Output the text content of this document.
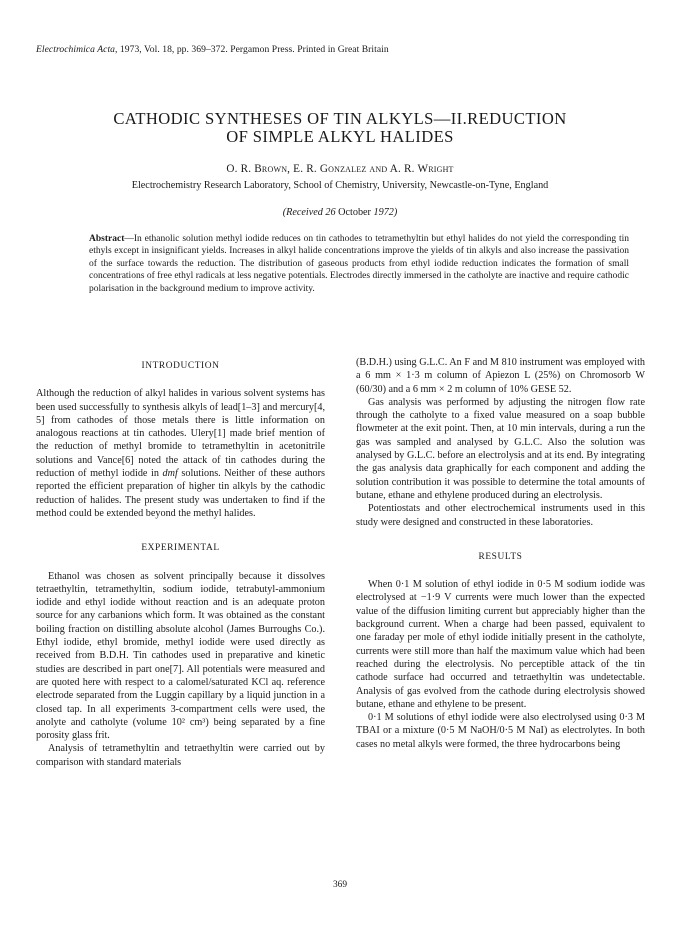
Electrochimica Acta, 1973, Vol. 18, pp. 369–372. Pergamon Press. Printed in Great Britain
CATHODIC SYNTHESES OF TIN ALKYLS—II.REDUCTION
OF SIMPLE ALKYL HALIDES
O. R. Brown, E. R. Gonzalez and A. R. Wright
Electrochemistry Research Laboratory, School of Chemistry, University, Newcastle-on-Tyne, England
(Received 26 October 1972)
Abstract—In ethanolic solution methyl iodide reduces on tin cathodes to tetramethyltin but ethyl halides do not yield the corresponding tin ethyls except in insignificant yields. Increases in alkyl halide concentrations improve the yields of tin alkyls and also increase the passivation of the surface towards the reduction. The distribution of gaseous products from ethyl iodide reduction indicates the formation of small concentrations of free ethyl radicals at less negative potentials. Electrodes directly immersed in the catholyte are inactive and require cathodic polarisation in the background medium to improve activity.
INTRODUCTION

Although the reduction of alkyl halides in various solvent systems has been used successfully to synthesis alkyls of lead[1–3] and mercury[4, 5] from cathodes of those metals there is little information on analogous reactions at tin cathodes. Ulery[1] made brief mention of the reduction of methyl bromide to tetramethyltin in acetonitrile solutions and Vance[6] noted the attack of tin cathodes during the reduction of methyl iodide in dmf solutions. Neither of these authors reported the efficient preparation of higher tin alkyls by the cathodic reduction of halides. The present study was undertaken to find if the method could be extended beyond the methyl halides.

EXPERIMENTAL

Ethanol was chosen as solvent principally because it dissolves tetraethyltin, tetramethyltin, sodium iodide, tetrabutyl-ammonium iodide and ethyl iodide without reaction and is an adequate proton source for any carbanions which form. It was obtained as the constant boiling fraction on distilling absolute alcohol (James Burroughs Co.). Ethyl iodide, ethyl bromide, methyl iodide were used directly as received from B.D.H. Tin cathodes used in preparative and kinetic studies are described in part one[7]. All potentials were measured and are quoted here with respect to a calomel/saturated KCl aq. reference electrode separated from the Luggin capillary by a liquid junction in a closed tap. In all experiments 3-compartment cells were used, the anolyte and catholyte (volume 10² cm³) being separated by a fine porosity glass frit.

Analysis of tetramethyltin and tetraethyltin were carried out by comparison with standard materials

(B.D.H.) using G.L.C. An F and M 810 instrument was employed with a 6 mm × 1·3 m column of Apiezon L (25%) on Chromosorb W (60/30) and a 6 mm × 2 m column of 10% GESE 52.

Gas analysis was performed by adjusting the nitrogen flow rate through the catholyte to a fixed value measured on a soap bubble flowmeter at the exit point. Then, at 10 min intervals, during a run the gas was sampled and analysed by G.L.C. Also the solution was analysed by G.L.C. before an electrolysis and at its end. By integrating the gas analysis data graphically for each component and adding the solution contribution it was possible to determine the total amounts of butane, ethane and ethylene produced during an electrolysis.

Potentiostats and other electrochemical instruments used in this study were designed and constructed in these laboratories.

RESULTS

When 0·1 M solution of ethyl iodide in 0·5 M sodium iodide was electrolysed at −1·9 V currents were much lower than the expected value of the diffusion limiting current but appreciably higher than the background current. When a charge had been passed, equivalent to one faraday per mole of ethyl iodide initially present in the catholyte, currents were still more than half the maximum value which had been reached during the electrolysis. No perceptible attack of the tin cathode surface had occurred and tetraethyltin was undetectable. Analysis of gas evolved from the cathode during electrolysis showed butane, ethane and ethylene to be present.

0·1 M solutions of ethyl iodide were also electrolysed using 0·3 M TBAI or a mixture (0·5 M NaOH/0·5 M NaI) as electrolytes. In both cases no metal alkyls were formed, the three hydrocarbons being

369
